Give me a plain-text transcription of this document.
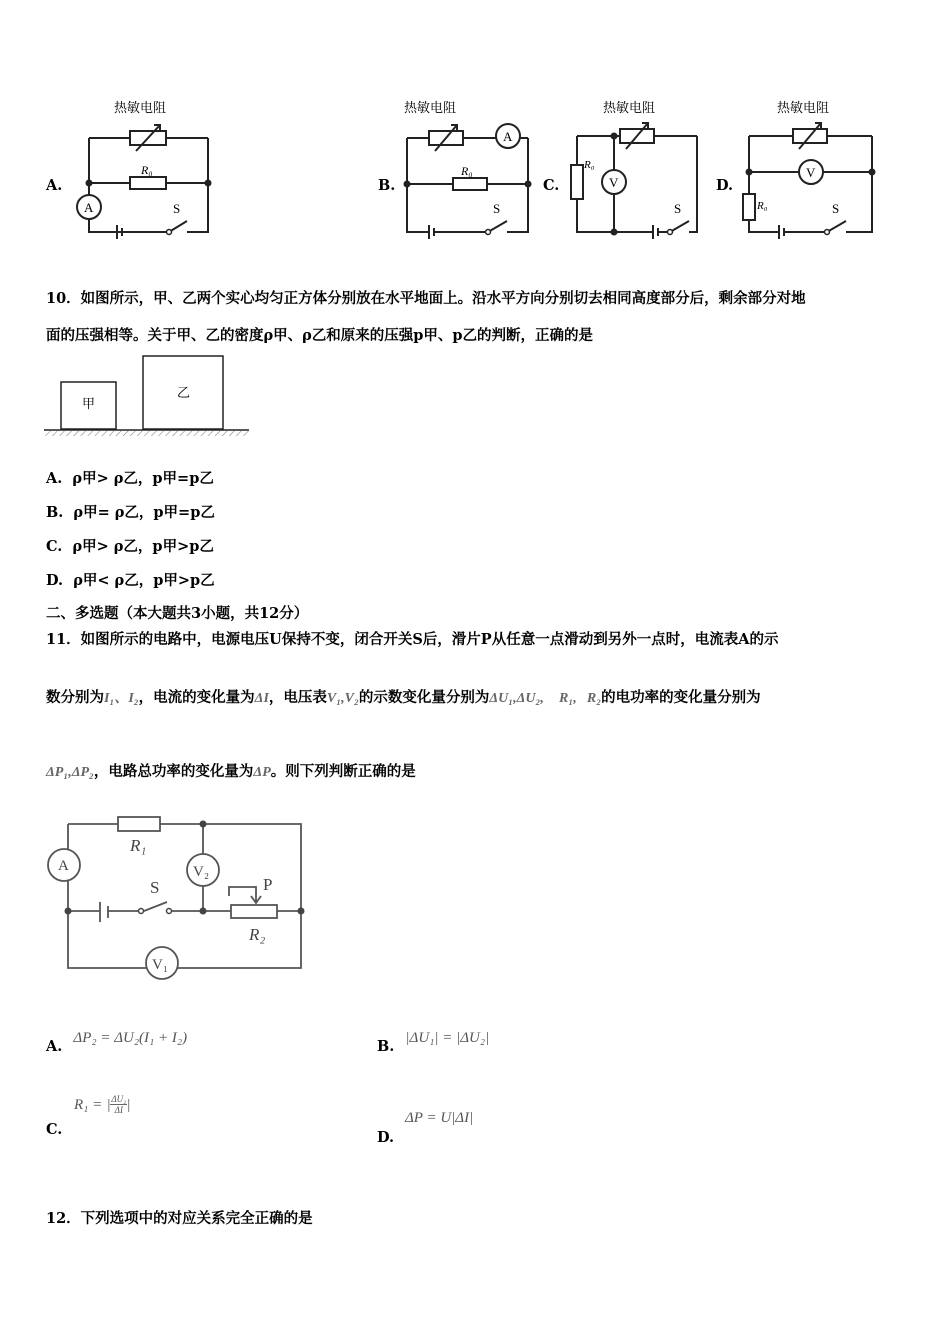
A.
热敏电阻
R₀
S
A
B.
热敏电阻
R₀
S
A
C.
热敏电阻
R₀
S
V	D.
热敏电阻
R₀	S
V
10．如图所示，甲、乙两个实心均匀正方体分别放在水平地面上。沿水平方向分别切去相同高度部分后，剩余部分对地
面的压强相等。关于甲、乙的密度ρ甲、ρ乙和原来的压强p甲、p乙的判断，正确的是
甲
乙
A. ρ甲> ρ乙，p甲=p乙
B. ρ甲= ρ乙，p甲=p乙
C. ρ甲> ρ乙，p甲>p乙
D. ρ甲< ρ乙，p甲>p乙
二、多选题（本大题共3小题，共12分）
11．如图所示的电路中，电源电压U保持不变，闭合开关S后，滑片P从任意一点滑动到另外一点时，电流表A的示
数分别为I₁、I₂，电流的变化量为ΔI，电压表V₁,V₂的示数变化量分别为ΔU₁,ΔU₂, R₁, R₂的电功率的变化量分别为
ΔP₁,ΔP₂，电路总功率的变化量为ΔP。则下列判断正确的是
R₁
R₂
S	P
A	V₂
V₁
A. ΔP₂ = ΔU₂(I₁ + I₂)	B. |ΔU₁| = |ΔU₂|
R₁ = | $\frac{\text{ΔU₂}}{\Delta I}$ |
C.
ΔP = U|ΔI|
D.
12．下列选项中的对应关系完全正确的是
